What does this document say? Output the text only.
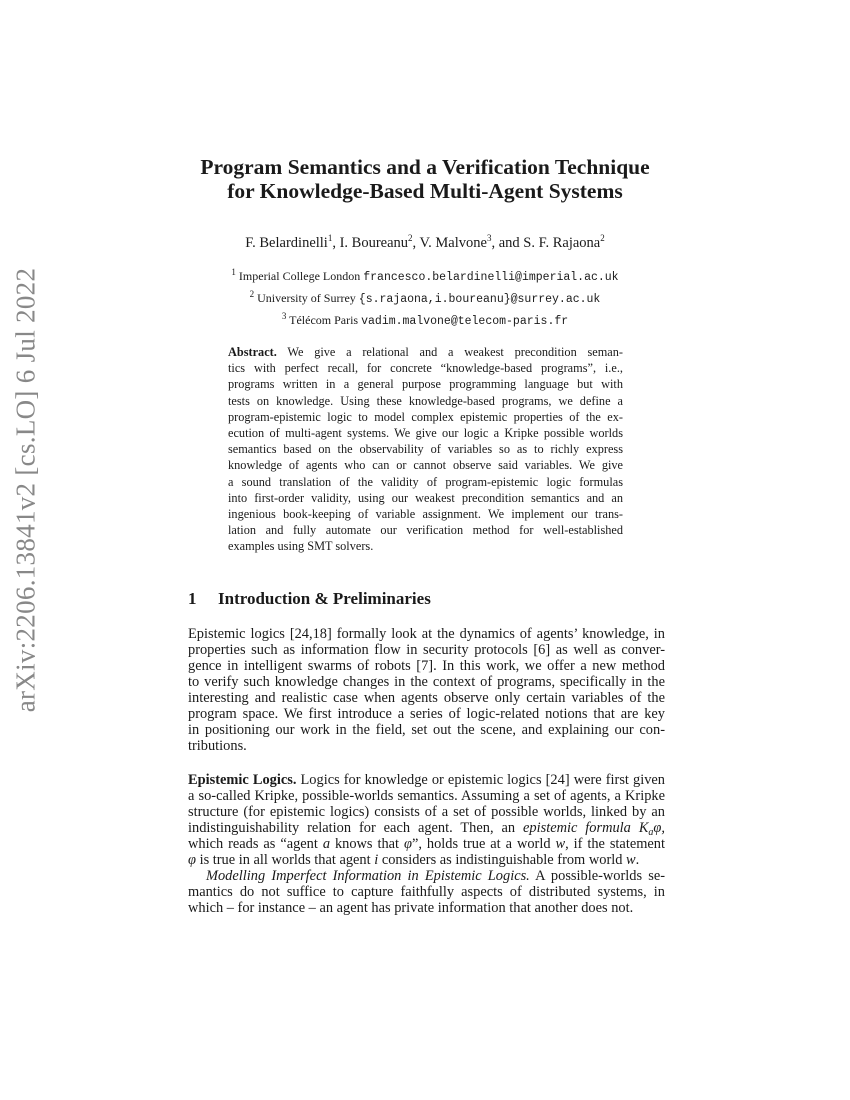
arXiv:2206.13841v2 [cs.LO] 6 Jul 2022
Program Semantics and a Verification Technique
for Knowledge-Based Multi-Agent Systems
F. Belardinelli$^1$, I. Boureanu$^2$, V. Malvone$^3$, and S. F. Rajaona$^2$
$^1$ Imperial College London francesco.belardinelli@imperial.ac.uk
$^2$ University of Surrey {s.rajaona,i.boureanu}@surrey.ac.uk
$^3$ Télécom Paris vadim.malvone@telecom-paris.fr
Abstract. We give a relational and a weakest precondition seman-
tics with perfect recall, for concrete “knowledge-based programs”, i.e.,
programs written in a general purpose programming language but with
tests on knowledge. Using these knowledge-based programs, we define a
program-epistemic logic to model complex epistemic properties of the ex-
ecution of multi-agent systems. We give our logic a Kripke possible worlds
semantics based on the observability of variables so as to richly express
knowledge of agents who can or cannot observe said variables. We give
a sound translation of the validity of program-epistemic logic formulas
into first-order validity, using our weakest precondition semantics and an
ingenious book-keeping of variable assignment. We implement our trans-
lation and fully automate our verification method for well-established
examples using SMT solvers.
1 Introduction & Preliminaries
Epistemic logics [24,18] formally look at the dynamics of agents’ knowledge, in
properties such as information flow in security protocols [6] as well as conver-
gence in intelligent swarms of robots [7]. In this work, we offer a new method
to verify such knowledge changes in the context of programs, specifically in the
interesting and realistic case when agents observe only certain variables of the
program space. We first introduce a series of logic-related notions that are key
in positioning our work in the field, set out the scene, and explaining our con-
tributions.
Epistemic Logics. Logics for knowledge or epistemic logics [24] were first given
a so-called Kripke, possible-worlds semantics. Assuming a set of agents, a Kripke
structure (for epistemic logics) consists of a set of possible worlds, linked by an
indistinguishability relation for each agent. Then, an epistemic formula $K_a\varphi$,
which reads as “agent a knows that φ”, holds true at a world w, if the statement
φ is true in all worlds that agent i considers as indistinguishable from world w.
Modelling Imperfect Information in Epistemic Logics. A possible-worlds se-
mantics do not suffice to capture faithfully aspects of distributed systems, in
which – for instance – an agent has private information that another does not.
